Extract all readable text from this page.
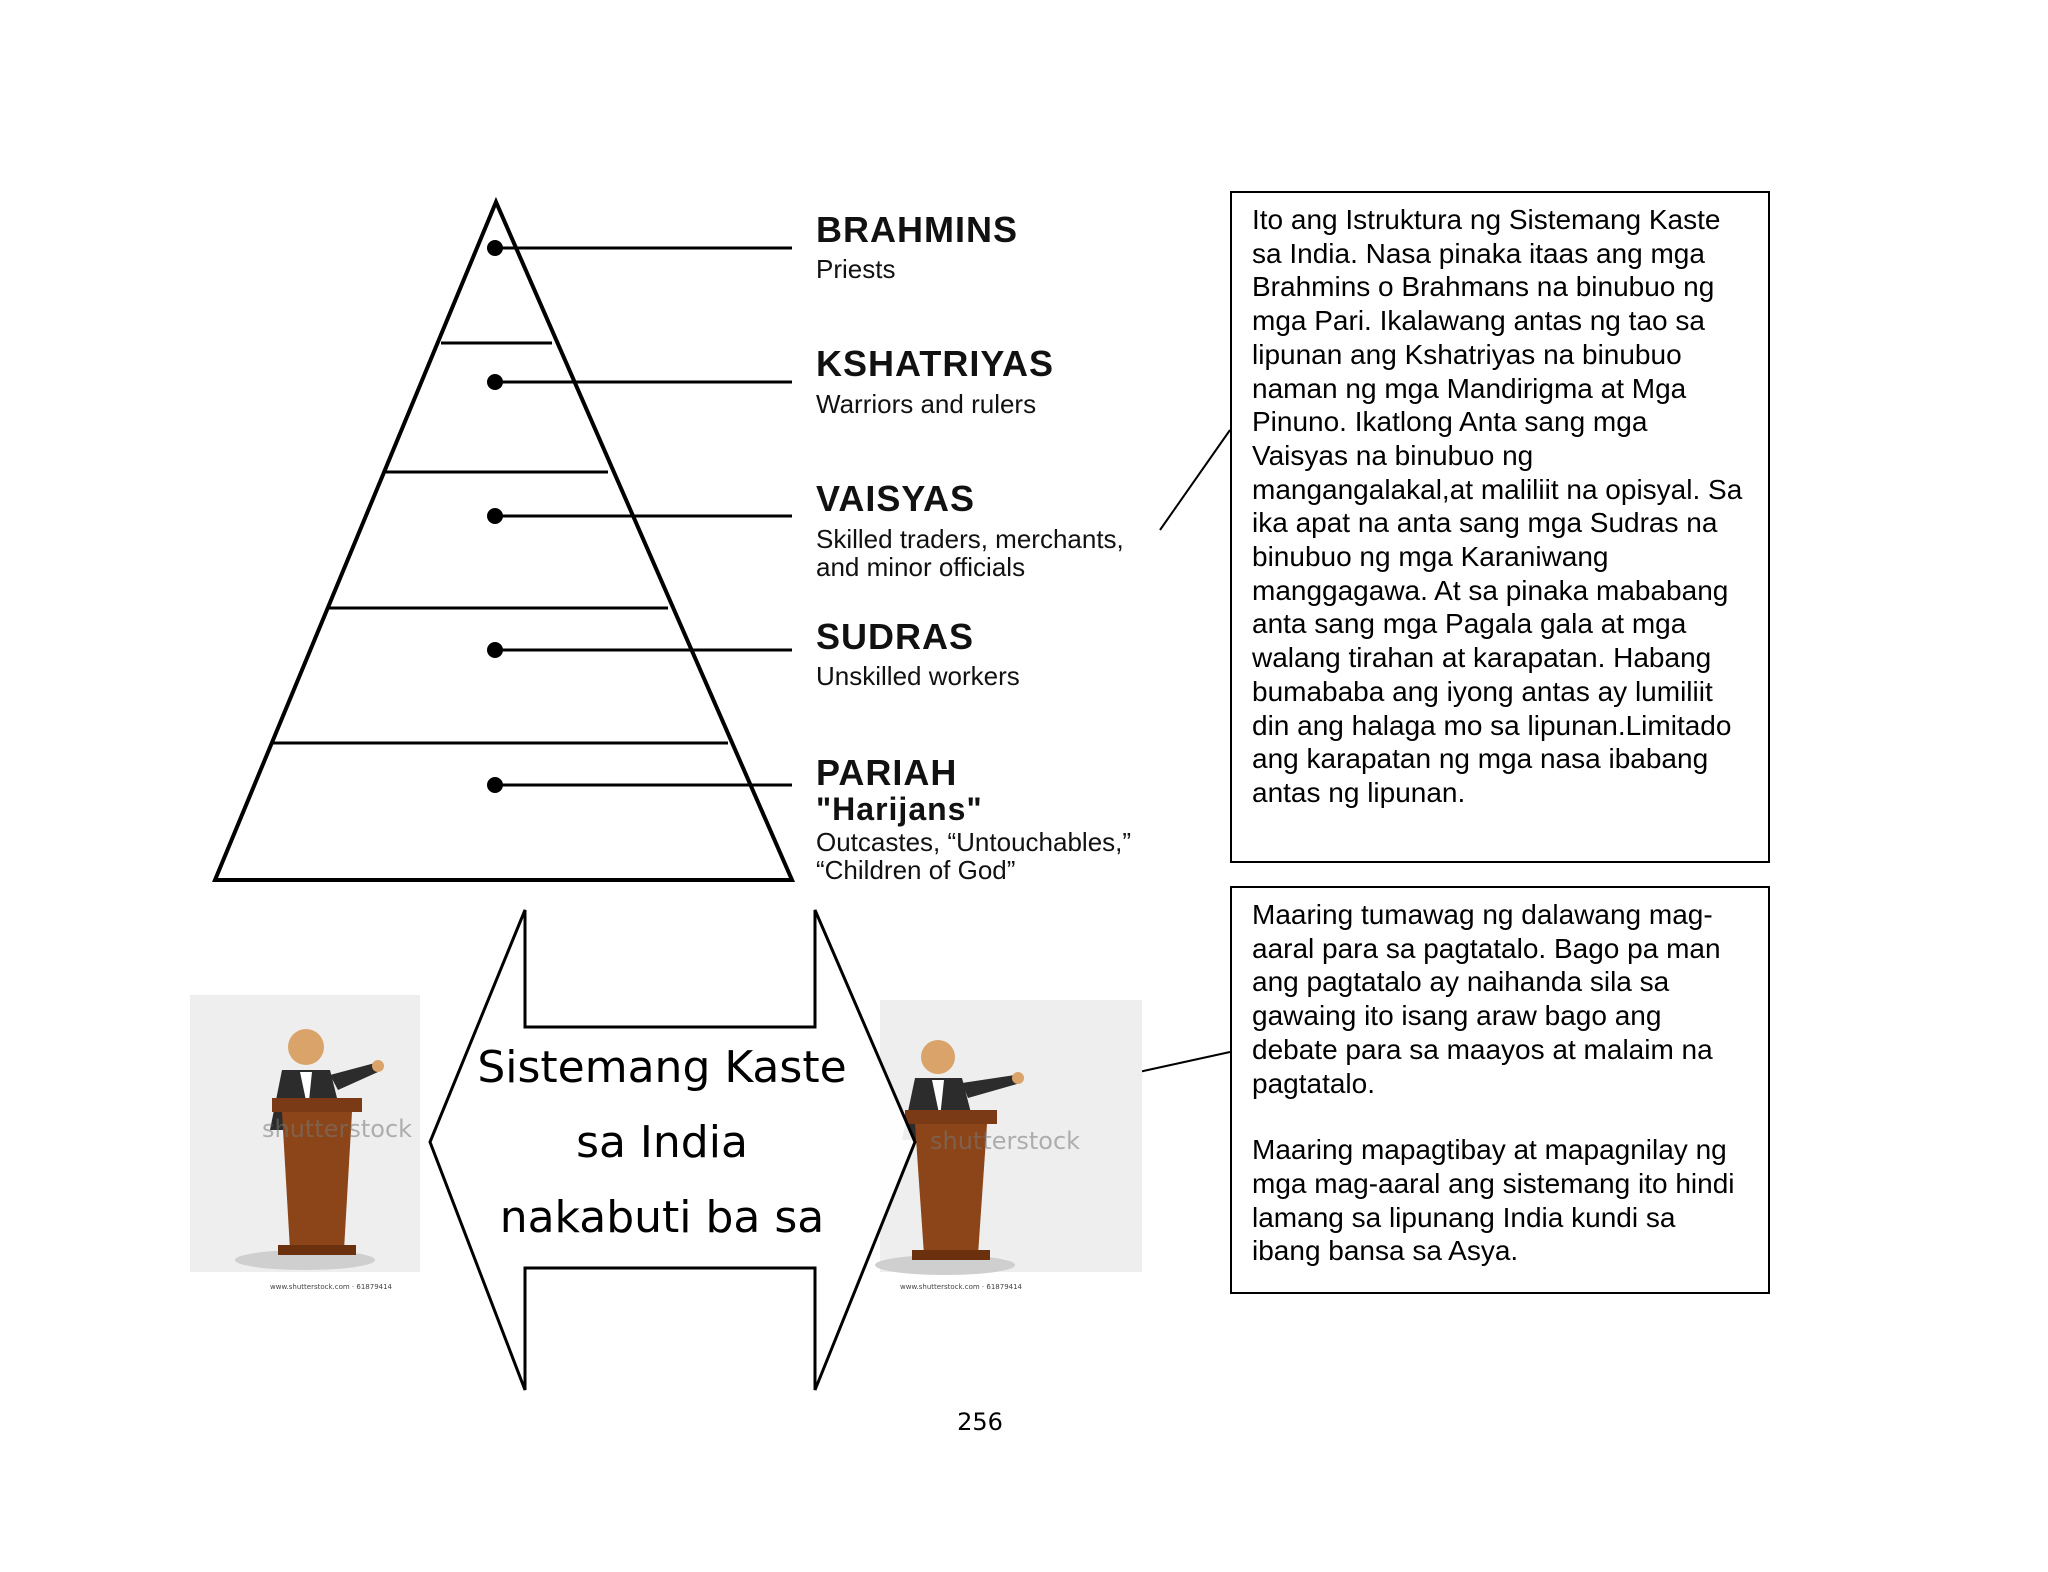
shutterstock
www.shutterstock.com · 61879414
shutterstock
www.shutterstock.com · 61879414
BRAHMINS
Priests
KSHATRIYAS
Warriors and rulers
VAISYAS
Skilled traders, merchants,
and minor officials
SUDRAS
Unskilled workers
PARIAH
"Harijans"
Outcastes, “Untouchables,”
“Children of God”

Ito ang Istruktura ng Sistemang Kaste sa India. Nasa pinaka itaas ang mga Brahmins o Brahmans na binubuo ng mga Pari. Ikalawang antas ng tao sa lipunan ang Kshatriyas na binubuo naman ng mga Mandirigma at Mga Pinuno. Ikatlong Anta sang mga Vaisyas na binubuo ng mangangalakal,at maliliit na opisyal. Sa ika apat na anta sang mga Sudras na binubuo ng mga Karaniwang manggagawa. At sa pinaka mababang anta sang mga Pagala gala at mga walang tirahan at karapatan. Habang bumababa ang iyong antas ay lumiliit din ang halaga mo sa lipunan.Limitado ang karapatan ng mga nasa ibabang antas ng lipunan.

Maaring tumawag ng dalawang mag-aaral para sa pagtatalo. Bago pa man ang pagtatalo ay naihanda sila sa gawaing ito isang araw bago ang debate para sa maayos at malaim na pagtatalo.

Maaring mapagtibay at mapagnilay ng mga mag-aaral ang sistemang ito hindi lamang sa lipunang India kundi sa ibang bansa sa Asya.

Sistemang Kaste
sa India
nakabuti ba sa
256
